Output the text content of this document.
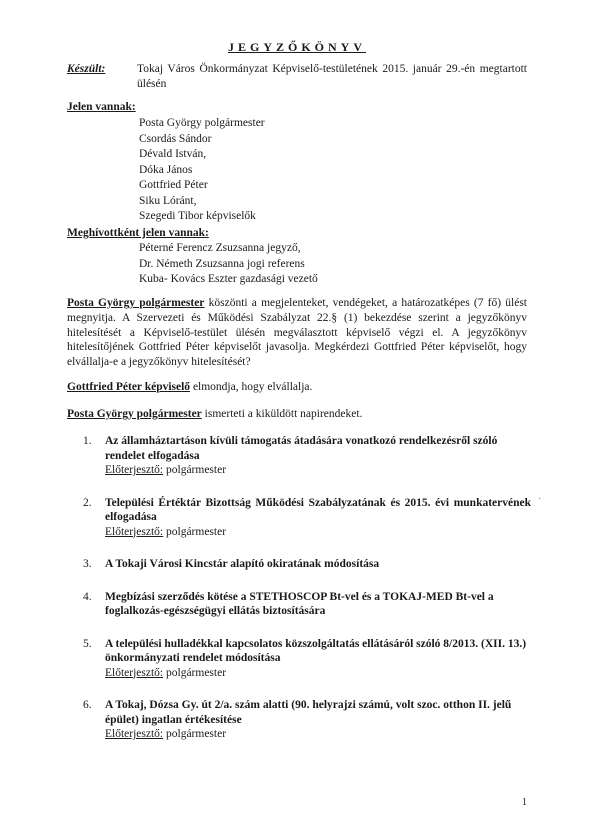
JEGYZŐKÖNYV
Készült:	Tokaj Város Önkormányzat Képviselő-testületének 2015. január 29.-én megtartott ülésén
Jelen vannak:
Posta György polgármester
Csordás Sándor
Dévald István,
Dóka János
Gottfried Péter
Siku Lóránt,
Szegedi Tibor képviselők
Meghívottként jelen vannak:
Péterné Ferencz Zsuzsanna jegyző,
Dr. Németh Zsuzsanna jogi referens
Kuba- Kovács Eszter gazdasági vezető
Posta György polgármester köszönti a megjelenteket, vendégeket, a határozatképes (7 fő) ülést megnyitja. A Szervezeti és Működési Szabályzat 22.§ (1) bekezdése szerint a jegyzőkönyv hitelesítését a Képviselő-testület ülésén megválasztott képviselő végzi el. A jegyzőkönyv hitelesítőjének Gottfried Péter képviselőt javasolja. Megkérdezi Gottfried Péter képviselőt, hogy elvállalja-e a jegyzőkönyv hitelesítését?
Gottfried Péter képviselő elmondja, hogy elvállalja.
Posta György polgármester ismerteti a kiküldött napirendeket.
1. Az államháztartáson kívüli támogatás átadására vonatkozó rendelkezésről szóló rendelet elfogadása
Előterjesztő: polgármester
2. Települési Értéktár Bizottság Működési Szabályzatának és 2015. évi munkatervének elfogadása
Előterjesztő: polgármester
3. A Tokaji Városi Kincstár alapító okiratának módosítása
4. Megbízási szerződés kötése a STETHOSCOP Bt-vel és a TOKAJ-MED Bt-vel a foglalkozás-egészségügyi ellátás biztosítására
5. A települési hulladékkal kapcsolatos közszolgáltatás ellátásáról szóló 8/2013. (XII. 13.) önkormányzati rendelet módosítása
Előterjesztő: polgármester
6. A Tokaj, Dózsa Gy. út 2/a. szám alatti (90. helyrajzi számú, volt szoc. otthon II. jelű épület) ingatlan értékesítése
Előterjesztő: polgármester
·
1
